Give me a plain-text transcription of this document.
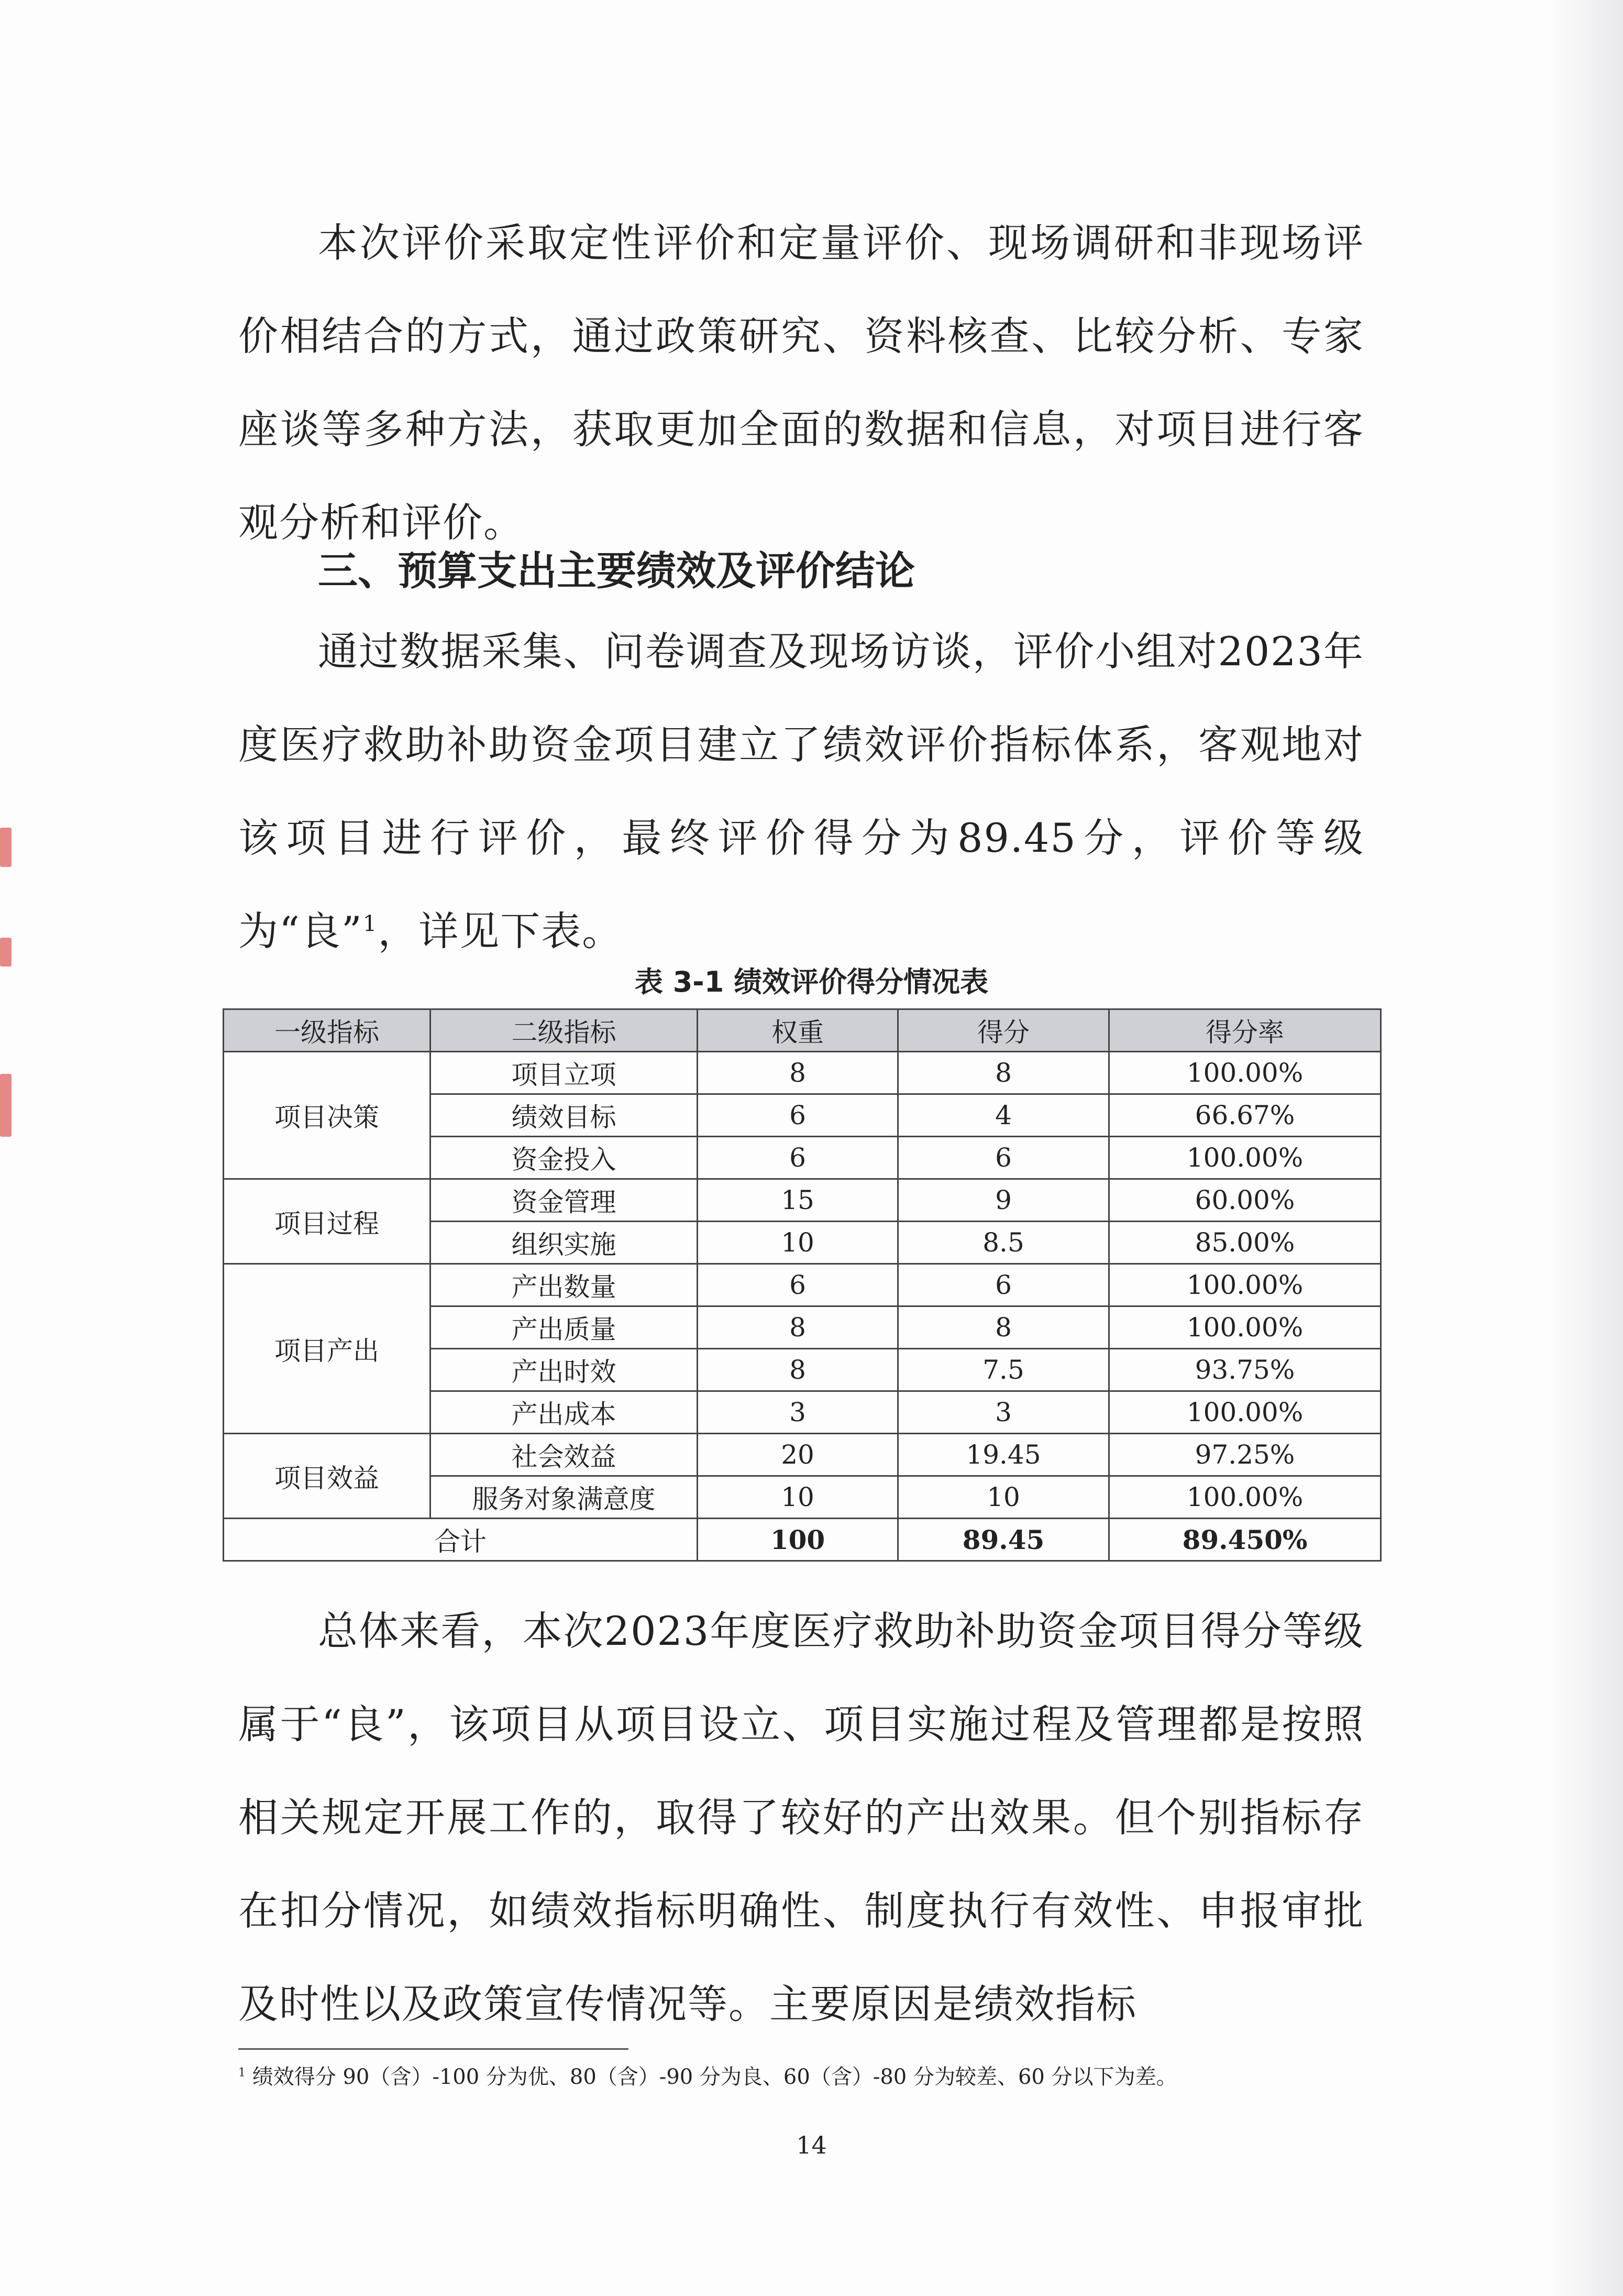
本次评价采取定性评价和定量评价、现场调研和非现场评价相结合的方式，通过政策研究、资料核查、比较分析、专家座谈等多种方法，获取更加全面的数据和信息，对项目进行客观分析和评价。

三、预算支出主要绩效及评价结论

通过数据采集、问卷调查及现场访谈，评价小组对2023年度医疗救助补助资金项目建立了绩效评价指标体系，客观地对该项目进行评价，最终评价得分为89.45分，评价等级为“良”$^1$，详见下表。

表 3-1 绩效评价得分情况表
一级指标	二级指标	权重	得分	得分率
项目决策	项目立项	8	8	100.00%
	绩效目标	6	4	66.67%
	资金投入	6	6	100.00%
项目过程	资金管理	15	9	60.00%
	组织实施	10	8.5	85.00%
项目产出	产出数量	6	6	100.00%
	产出质量	8	8	100.00%
	产出时效	8	7.5	93.75%
	产出成本	3	3	100.00%
项目效益	社会效益	20	19.45	97.25%
	服务对象满意度	10	10	100.00%
合计		100	89.45	89.450%

总体来看，本次2023年度医疗救助补助资金项目得分等级属于“良”，该项目从项目设立、项目实施过程及管理都是按照相关规定开展工作的，取得了较好的产出效果。但个别指标存在扣分情况，如绩效指标明确性、制度执行有效性、申报审批及时性以及政策宣传情况等。主要原因是绩效指标

$^1$ 绩效得分 90（含）-100 分为优、80（含）-90 分为良、60（含）-80 分为较差、60 分以下为差。
14
